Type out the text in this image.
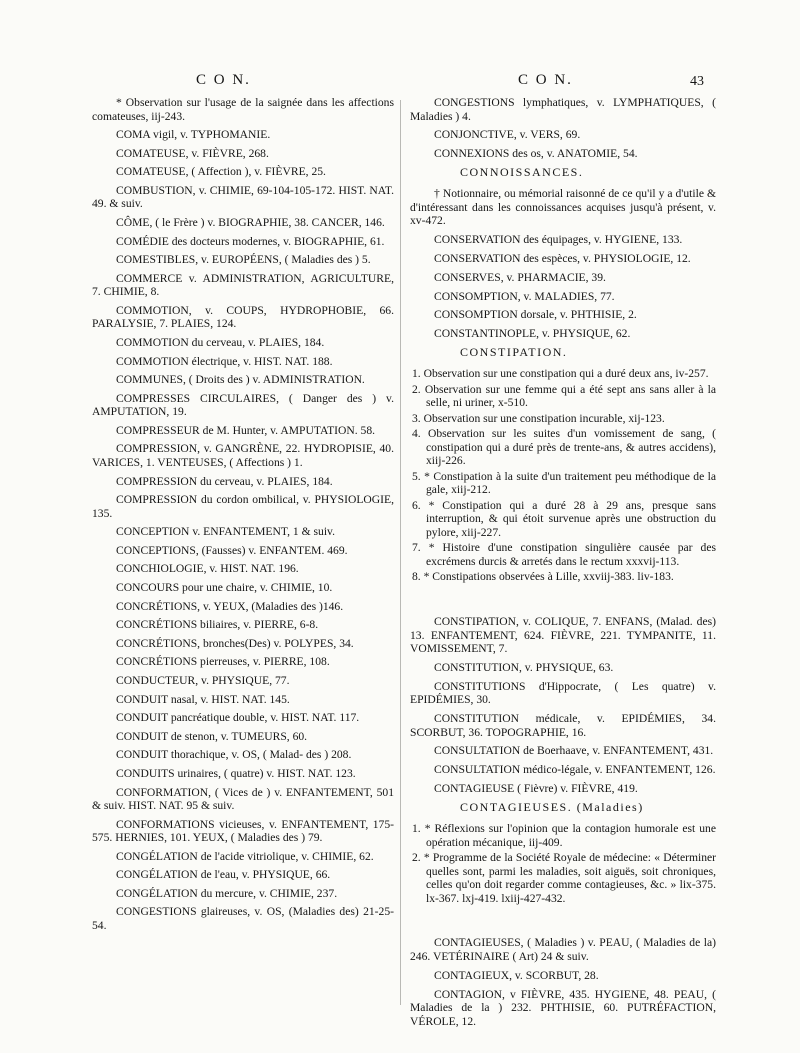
C O N.	C O N.	43

* Observation sur l'usage de la saignée dans les affections comateuses, iij-243.

COMA vigil, v. TYPHOMANIE.

COMATEUSE, v. FIÈVRE, 268.

COMATEUSE, ( Affection ), v. FIÈVRE, 25.

COMBUSTION, v. CHIMIE, 69-104-105-172. HIST. NAT. 49. & suiv.

CÔME, ( le Frère ) v. BIOGRAPHIE, 38. CANCER, 146.

COMÉDIE des docteurs modernes, v. BIOGRAPHIE, 61.

COMESTIBLES, v. EUROPÉENS, ( Maladies des ) 5.

COMMERCE v. ADMINISTRATION, AGRICULTURE, 7. CHIMIE, 8.

COMMOTION, v. COUPS, HYDROPHOBIE, 66. PARALYSIE, 7. PLAIES, 124.

COMMOTION du cerveau, v. PLAIES, 184.

COMMOTION électrique, v. HIST. NAT. 188.

COMMUNES, ( Droits des ) v. ADMINISTRATION.

COMPRESSES CIRCULAIRES, ( Danger des ) v. AMPUTATION, 19.

COMPRESSEUR de M. Hunter, v. AMPUTATION. 58.

COMPRESSION, v. GANGRÈNE, 22. HYDROPISIE, 40. VARICES, 1. VENTEUSES, ( Affections ) 1.

COMPRESSION du cerveau, v. PLAIES, 184.

COMPRESSION du cordon ombilical, v. PHYSIOLOGIE, 135.

CONCEPTION v. ENFANTEMENT, 1 & suiv.

CONCEPTIONS, (Fausses) v. ENFANTEM. 469.

CONCHIOLOGIE, v. HIST. NAT. 196.

CONCOURS pour une chaire, v. CHIMIE, 10.

CONCRÉTIONS, v. YEUX, (Maladies des )146.

CONCRÉTIONS biliaires, v. PIERRE, 6-8.

CONCRÉTIONS, bronches(Des) v. POLYPES, 34.

CONCRÉTIONS pierreuses, v. PIERRE, 108.

CONDUCTEUR, v. PHYSIQUE, 77.

CONDUIT nasal, v. HIST. NAT. 145.

CONDUIT pancréatique double, v. HIST. NAT. 117.

CONDUIT de stenon, v. TUMEURS, 60.

CONDUIT thorachique, v. OS, ( Malad- des ) 208.

CONDUITS urinaires, ( quatre) v. HIST. NAT. 123.

CONFORMATION, ( Vices de ) v. ENFANTEMENT, 501 & suiv. HIST. NAT. 95 & suiv.

CONFORMATIONS vicieuses, v. ENFANTEMENT, 175-575. HERNIES, 101. YEUX, ( Maladies des ) 79.

CONGÉLATION de l'acide vitriolique, v. CHIMIE, 62.

CONGÉLATION de l'eau, v. PHYSIQUE, 66.

CONGÉLATION du mercure, v. CHIMIE, 237.

CONGESTIONS glaireuses, v. OS, (Maladies des) 21-25-54.

CONGESTIONS lymphatiques, v. LYMPHATIQUES, ( Maladies ) 4.

CONJONCTIVE, v. VERS, 69.

CONNEXIONS des os, v. ANATOMIE, 54.

CONNOISSANCES.

† Notionnaire, ou mémorial raisonné de ce qu'il y a d'utile & d'intéressant dans les connoissances acquises jusqu'à présent, v. xv-472.

CONSERVATION des équipages, v. HYGIENE, 133.

CONSERVATION des espèces, v. PHYSIOLOGIE, 12.

CONSERVES, v. PHARMACIE, 39.

CONSOMPTION, v. MALADIES, 77.

CONSOMPTION dorsale, v. PHTHISIE, 2.

CONSTANTINOPLE, v. PHYSIQUE, 62.

CONSTIPATION.

1. Observation sur une constipation qui a duré deux ans, iv-257.

2. Observation sur une femme qui a été sept ans sans aller à la selle, ni uriner, x-510.

3. Observation sur une constipation incurable, xij-123.

4. Observation sur les suites d'un vomissement de sang, ( constipation qui a duré près de trente-ans, & autres accidens), xiij-226.

5. * Constipation à la suite d'un traitement peu méthodique de la gale, xiij-212.

6. * Constipation qui a duré 28 à 29 ans, presque sans interruption, & qui étoit survenue après une obstruction du pylore, xiij-227.

7. * Histoire d'une constipation singulière causée par des excrémens durcis & arretés dans le rectum xxxvij-113.

8. * Constipations observées à Lille, xxviij-383. liv-183.

CONSTIPATION, v. COLIQUE, 7. ENFANS, (Malad. des) 13. ENFANTEMENT, 624. FIÈVRE, 221. TYMPANITE, 11. VOMISSEMENT, 7.

CONSTITUTION, v. PHYSIQUE, 63.

CONSTITUTIONS d'Hippocrate, ( Les quatre) v. EPIDÉMIES, 30.

CONSTITUTION médicale, v. EPIDÉMIES, 34. SCORBUT, 36. TOPOGRAPHIE, 16.

CONSULTATION de Boerhaave, v. ENFANTEMENT, 431.

CONSULTATION médico-légale, v. ENFANTEMENT, 126.

CONTAGIEUSE ( Fièvre) v. FIÈVRE, 419.

CONTAGIEUSES. (Maladies)

1. * Réflexions sur l'opinion que la contagion humorale est une opération mécanique, iij-409.

2. * Programme de la Société Royale de médecine: « Déterminer quelles sont, parmi les maladies, soit aiguës, soit chroniques, celles qu'on doit regarder comme contagieuses, &c. » lix-375. lx-367. lxj-419. lxiij-427-432.

CONTAGIEUSES, ( Maladies ) v. PEAU, ( Maladies de la) 246. VETÉRINAIRE ( Art) 24 & suiv.

CONTAGIEUX, v. SCORBUT, 28.

CONTAGION, v FIÈVRE, 435. HYGIENE, 48. PEAU, ( Maladies de la ) 232. PHTHISIE, 60. PUTRÉFACTION, VÉROLE, 12.
